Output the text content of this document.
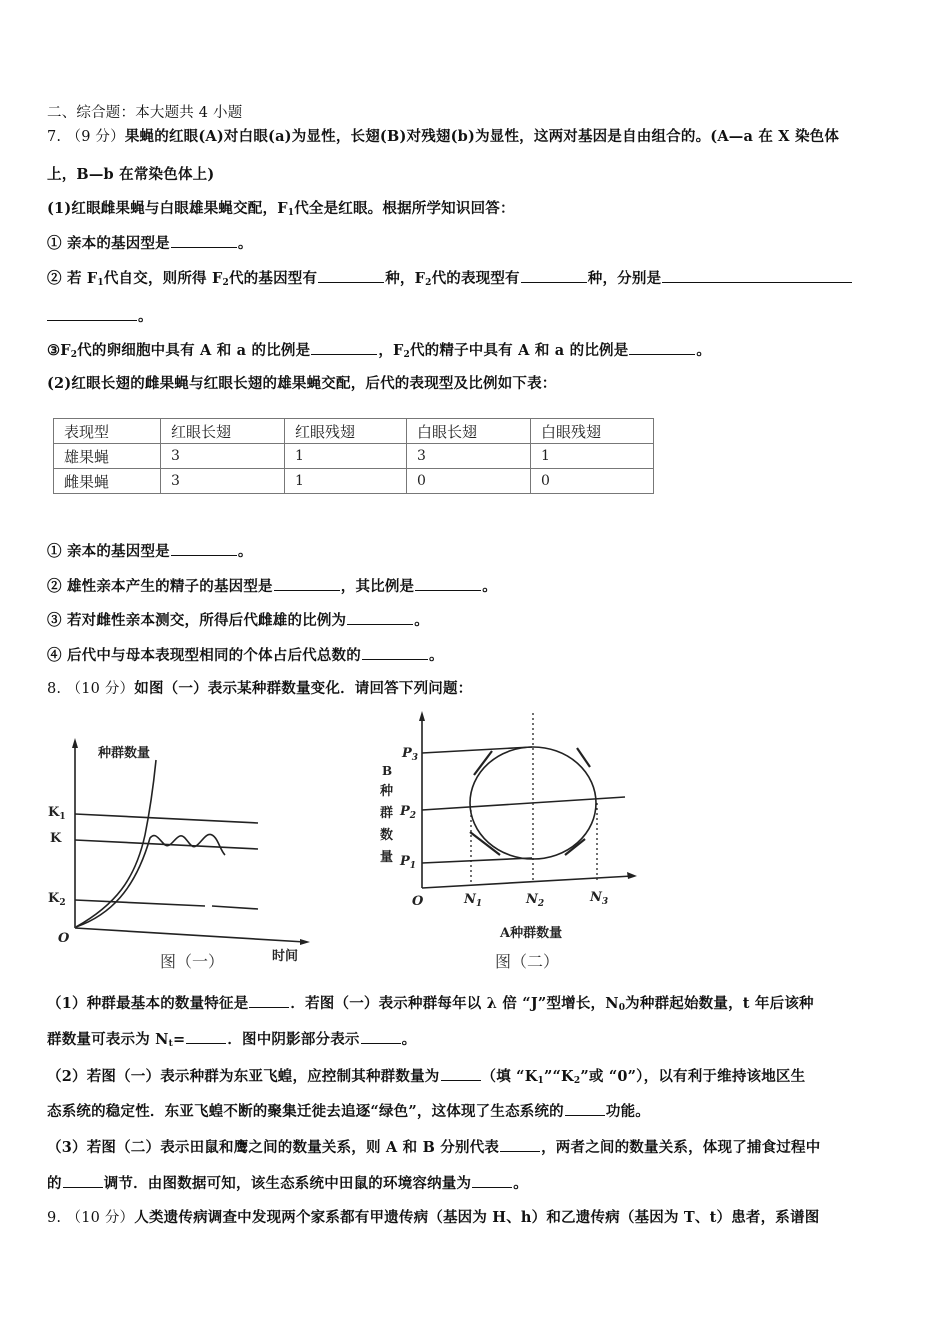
二、综合题：本大题共 4 小题
7. （9 分）果蝇的红眼(A)对白眼(a)为显性，长翅(B)对残翅(b)为显性，这两对基因是自由组合的。(A—a 在 X 染色体
上，B—b 在常染色体上)
(1)红眼雌果蝇与白眼雄果蝇交配，$F_1$代全是红眼。根据所学知识回答：
① 亲本的基因型是	。
② 若 $F_1$代自交，则所得 $F_2$代的基因型有	种，$F_2$代的表现型有	种，分别是
。
$③F_2$代的卵细胞中具有 A 和 a 的比例是	，$F_2$代的精子中具有 A 和 a 的比例是	。
(2)红眼长翅的雌果蝇与红眼长翅的雄果蝇交配，后代的表现型及比例如下表：
表现型	红眼长翅	红眼残翅	白眼长翅	白眼残翅
雄果蝇	3	1	3	1
雌果蝇	3	1	0	0
① 亲本的基因型是	。
② 雄性亲本产生的精子的基因型是	，其比例是	。
③ 若对雌性亲本测交，所得后代雌雄的比例为	。
④ 后代中与母本表现型相同的个体占后代总数的	。
8. （10 分）如图（一）表示某种群数量变化．请回答下列问题：
种群数量
$K_1$
K
$K_2$
O
时间
图（一）
$P_3$
$P_2$
$P_1$
B
种
群
数
量
O	$N_1$	$N_2$	$N_3$
A种群数量
图（二）
（1）种群最基本的数量特征是	．若图（一）表示种群每年以 λ 倍 “J”型增长，$N_0$为种群起始数量，t 年后该种
群数量可表示为 $N_t=$	．图中阴影部分表示	。
（2）若图（一）表示种群为东亚飞蝗，应控制其种群数量为	（填 “$K_1”“K_2$”或 “0”），以有利于维持该地区生
态系统的稳定性．东亚飞蝗不断的聚集迁徙去追逐“绿色”，这体现了生态系统的	功能。
（3）若图（二）表示田鼠和鹰之间的数量关系，则 A 和 B 分别代表	，两者之间的数量关系，体现了捕食过程中
的	调节．由图数据可知，该生态系统中田鼠的环境容纳量为	。
9. （10 分）人类遗传病调查中发现两个家系都有甲遗传病（基因为 H、h）和乙遗传病（基因为 T、t）患者，系谱图
